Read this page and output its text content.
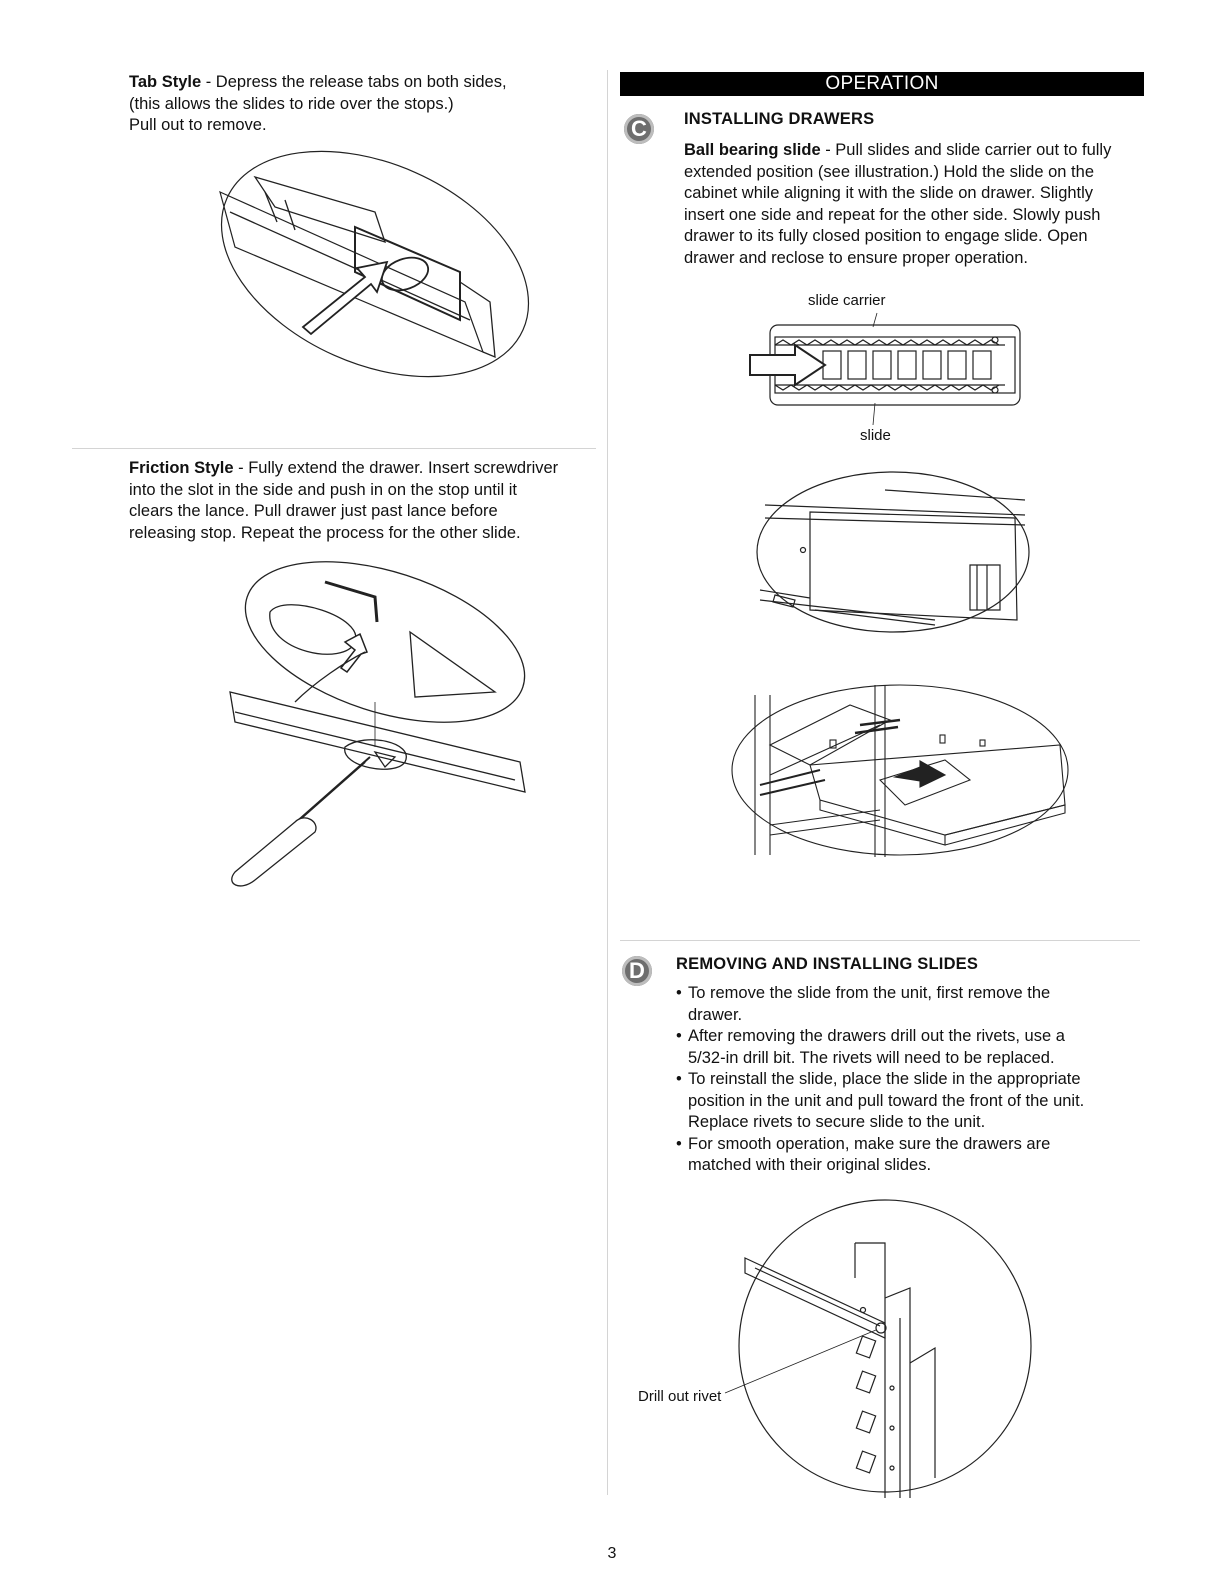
Tab Style - Depress the release tabs on both sides,
(this allows the slides to ride over the stops.)
Pull out to remove.

Friction Style - Fully extend the drawer. Insert screwdriver
into the slot in the side and push in on the stop until it
clears the lance. Pull drawer just past lance before
releasing stop. Repeat the process for the other slide.

OPERATION
C	INSTALLING DRAWERS

Ball bearing slide - Pull slides and slide carrier out to fully
extended position (see illustration.) Hold the slide on the
cabinet while aligning it with the slide on drawer. Slightly
insert one side and repeat for the other side. Slowly push
drawer to its fully closed position to engage slide. Open
drawer and reclose to ensure proper operation.

slide carrier
slide
D	REMOVING AND INSTALLING SLIDES
• To remove the slide from the unit, first remove the
drawer.
• After removing the drawers drill out the rivets, use a
5/32-in drill bit. The rivets will need to be replaced.
• To reinstall the slide, place the slide in the appropriate
position in the unit and pull toward the front of the unit.
Replace rivets to secure slide to the unit.
• For smooth operation, make sure the drawers are
matched with their original slides.
Drill out rivet
3
